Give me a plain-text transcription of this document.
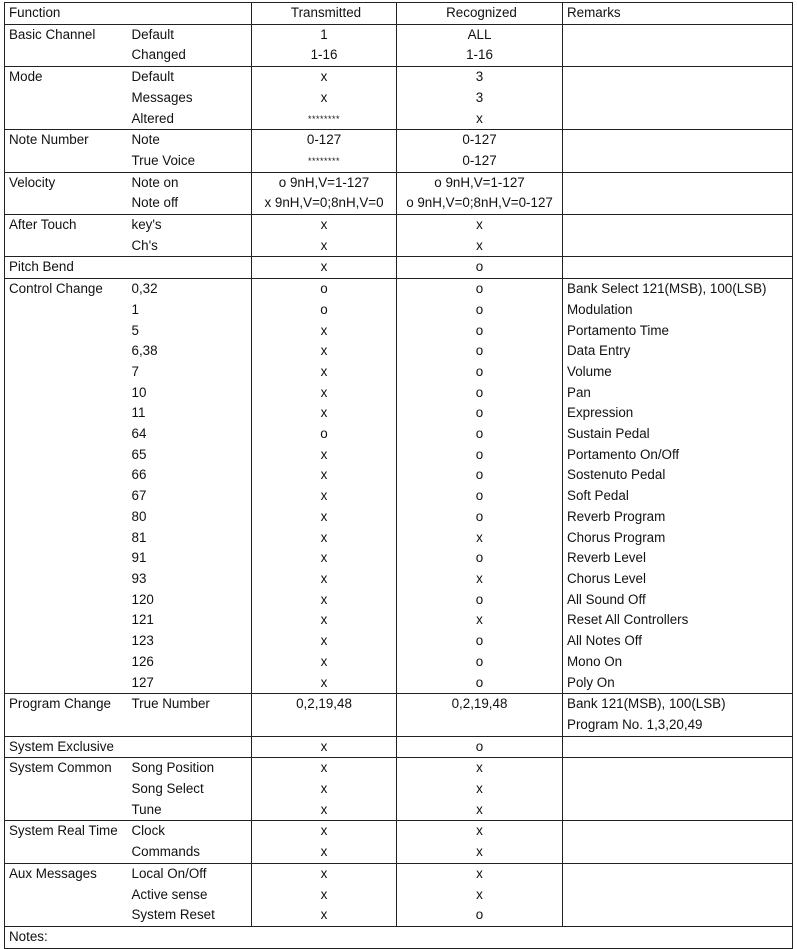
Function		Transmitted	Recognized	Remarks
Basic Channel	Default	1	ALL	
	Changed	1-16	1-16	
Mode	Default	x	3	
	Messages	x	3	
	Altered	********	x	
Note Number	Note	0-127	0-127	
	True Voice	********	0-127	
Velocity	Note on	o 9nH,V=1-127	o 9nH,V=1-127	
	Note off	x 9nH,V=0;8nH,V=0	o 9nH,V=0;8nH,V=0-127	
After Touch	key's	x	x	
	Ch's	x	x	
Pitch Bend		x	o	
Control Change	0,32	o	o	Bank Select 121(MSB), 100(LSB)
	1	o	o	Modulation
	5	x	o	Portamento Time
	6,38	x	o	Data Entry
	7	x	o	Volume
	10	x	o	Pan
	11	x	o	Expression
	64	o	o	Sustain Pedal
	65	x	o	Portamento On/Off
	66	x	o	Sostenuto Pedal
	67	x	o	Soft Pedal
	80	x	o	Reverb Program
	81	x	x	Chorus Program
	91	x	o	Reverb Level
	93	x	x	Chorus Level
	120	x	o	All Sound Off
	121	x	x	Reset All Controllers
	123	x	o	All Notes Off
	126	x	o	Mono On
	127	x	o	Poly On
Program Change	True Number	0,2,19,48	0,2,19,48	Bank 121(MSB), 100(LSB)
				Program No. 1,3,20,49
System Exclusive		x	o	
System Common	Song Position	x	x	
	Song Select	x	x	
	Tune	x	x	
System Real Time	Clock	x	x	
	Commands	x	x	
Aux Messages	Local On/Off	x	x	
	Active sense	x	x	
	System Reset	x	o	
Notes:				
